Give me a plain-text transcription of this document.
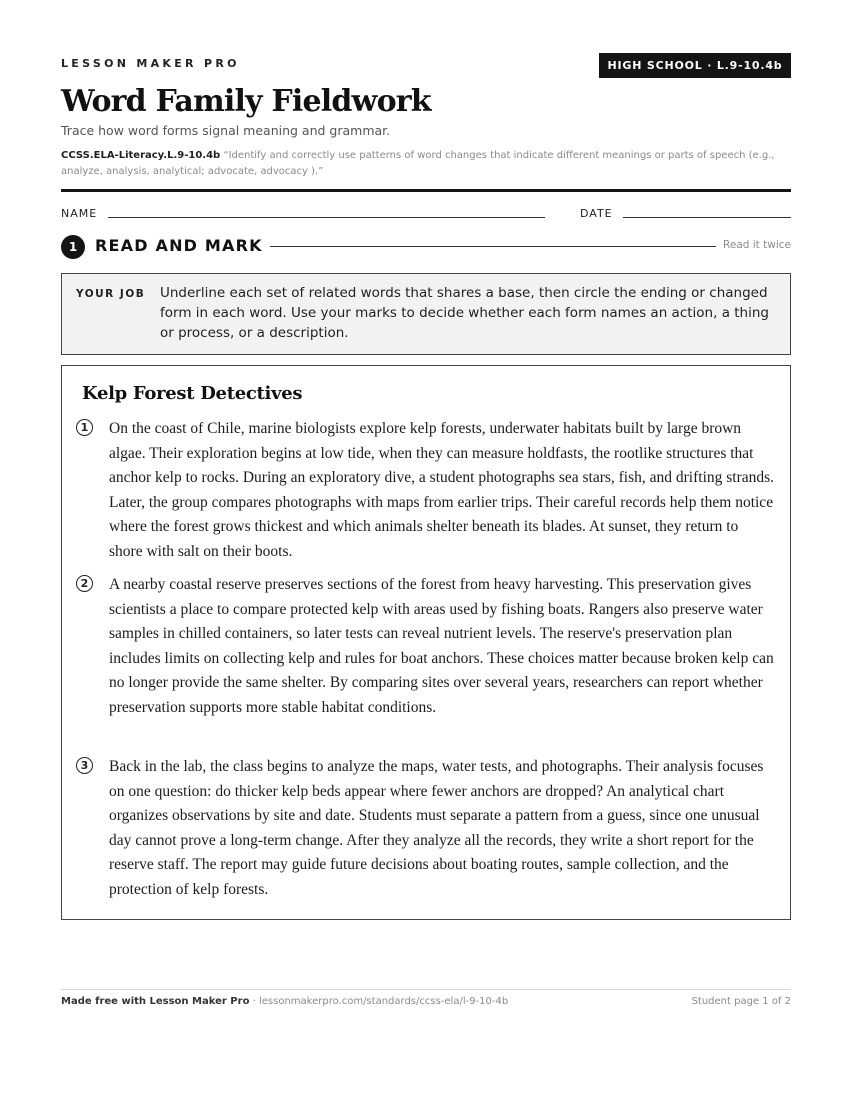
LESSON MAKER PRO	HIGH SCHOOL · L.9-10.4b
Word Family Fieldwork
Trace how word forms signal meaning and grammar.
CCSS.ELA-Literacy.L.9-10.4b “Identify and correctly use patterns of word changes that indicate different meanings or parts of speech (e.g., analyze, analysis, analytical; advocate, advocacy ).”
NAME	DATE
1	READ AND MARK	Read it twice
YOUR JOB Underline each set of related words that shares a base, then circle the ending or changed form in each word. Use your marks to decide whether each form names an action, a thing or process, or a description.
Kelp Forest Detectives
1	On the coast of Chile, marine biologists explore kelp forests, underwater habitats built by large brown algae. Their exploration begins at low tide, when they can measure holdfasts, the rootlike structures that anchor kelp to rocks. During an exploratory dive, a student photographs sea stars, fish, and drifting strands. Later, the group compares photographs with maps from earlier trips. Their careful records help them notice where the forest grows thickest and which animals shelter beneath its blades. At sunset, they return to shore with salt on their boots.

2	A nearby coastal reserve preserves sections of the forest from heavy harvesting. This preservation gives scientists a place to compare protected kelp with areas used by fishing boats. Rangers also preserve water samples in chilled containers, so later tests can reveal nutrient levels. The reserve's preservation plan includes limits on collecting kelp and rules for boat anchors. These choices matter because broken kelp can no longer provide the same shelter. By comparing sites over several years, researchers can report whether preservation supports more stable habitat conditions.

3	Back in the lab, the class begins to analyze the maps, water tests, and photographs. Their analysis focuses on one question: do thicker kelp beds appear where fewer anchors are dropped? An analytical chart organizes observations by site and date. Students must separate a pattern from a guess, since one unusual day cannot prove a long-term change. After they analyze all the records, they write a short report for the reserve staff. The report may guide future decisions about boating routes, sample collection, and the protection of kelp forests.

Made free with Lesson Maker Pro · lessonmakerpro.com/standards/ccss-ela/l-9-10-4b	Student page 1 of 2
